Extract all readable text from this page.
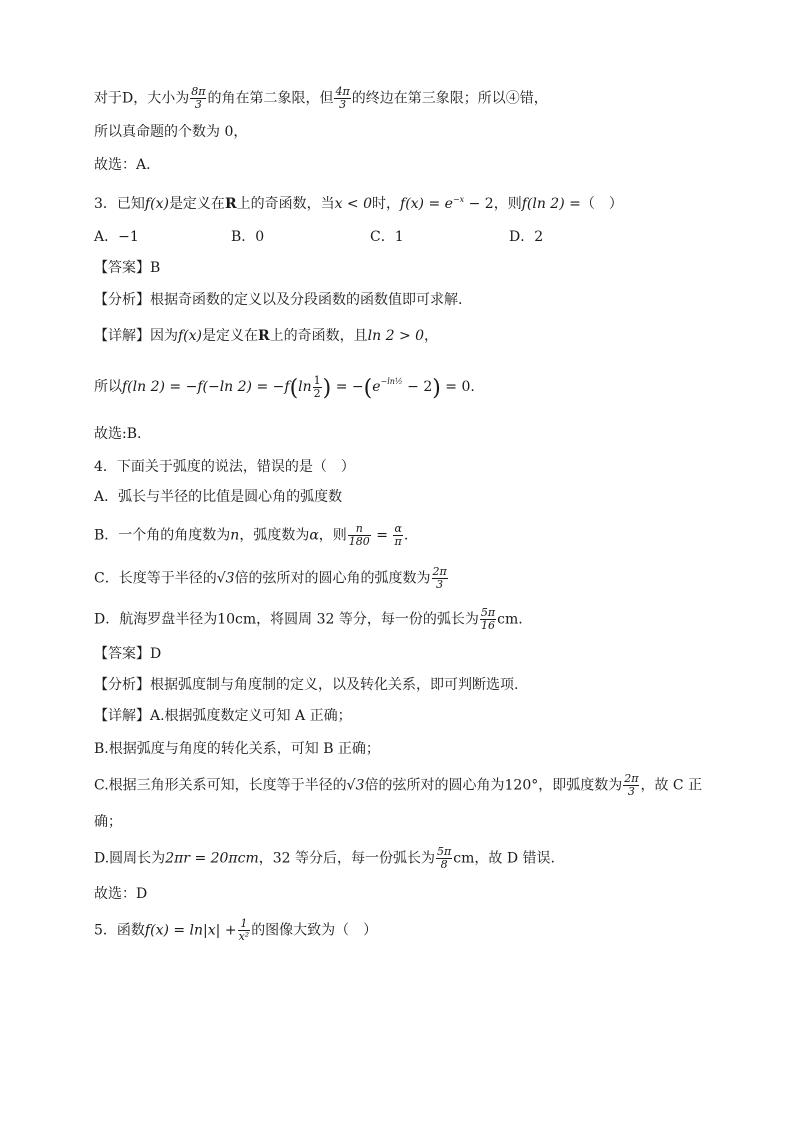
对于D，大小为 $\frac{8\pi}{3}$ 的角在第二象限，但 $\frac{4\pi}{3}$ 的终边在第三象限；所以④错，
所以真命题的个数为 0，
故选：A.
3．已知f(x)是定义在R上的奇函数，当x < 0时，$f(x) = e^{-x} - 2$，则f(ln 2) =（　）
A．−1	B．0	C．1	D．2
【答案】B
【分析】根据奇函数的定义以及分段函数的函数值即可求解.
【详解】因为f(x)是定义在R上的奇函数，且ln 2 > 0，
所以f(ln 2) = −f(−ln $2) = -f(\ln \frac{1}{2}$ ) = $-(e^{-ln\frac{1}{2}} - 2) = 0$.
故选:B.
4．下面关于弧度的说法，错误的是（　）
A．弧长与半径的比值是圆心角的弧度数
B．一个角的角度数为n，弧度数为α，则 $\frac{n}{180} = \frac{\alpha}{\pi}$ .
C．长度等于半径的√3倍的弦所对的圆心角的弧度数为 $\frac{2\pi}{3}$
D．航海罗盘半径为10cm，将圆周 32 等分，每一份的弧长为 $\frac{5\pi}{16}$ cm.
【答案】D
【分析】根据弧度制与角度制的定义，以及转化关系，即可判断选项.
【详解】A.根据弧度数定义可知 A 正确；
B.根据弧度与角度的转化关系，可知 B 正确；
C.根据三角形关系可知，长度等于半径的√3倍的弦所对的圆心角为120°，即弧度数为 $\frac{2\pi}{3}$ ，故 C 正
确；
D.圆周长为2πr = 20πcm，32 等分后，每一份弧长为 $\frac{5\pi}{8}$ cm，故 D 错误.
故选：D
5．函数$f(x) = \ln|x| + \frac{1}{\text{x²}}$ 的图像大致为（　）
